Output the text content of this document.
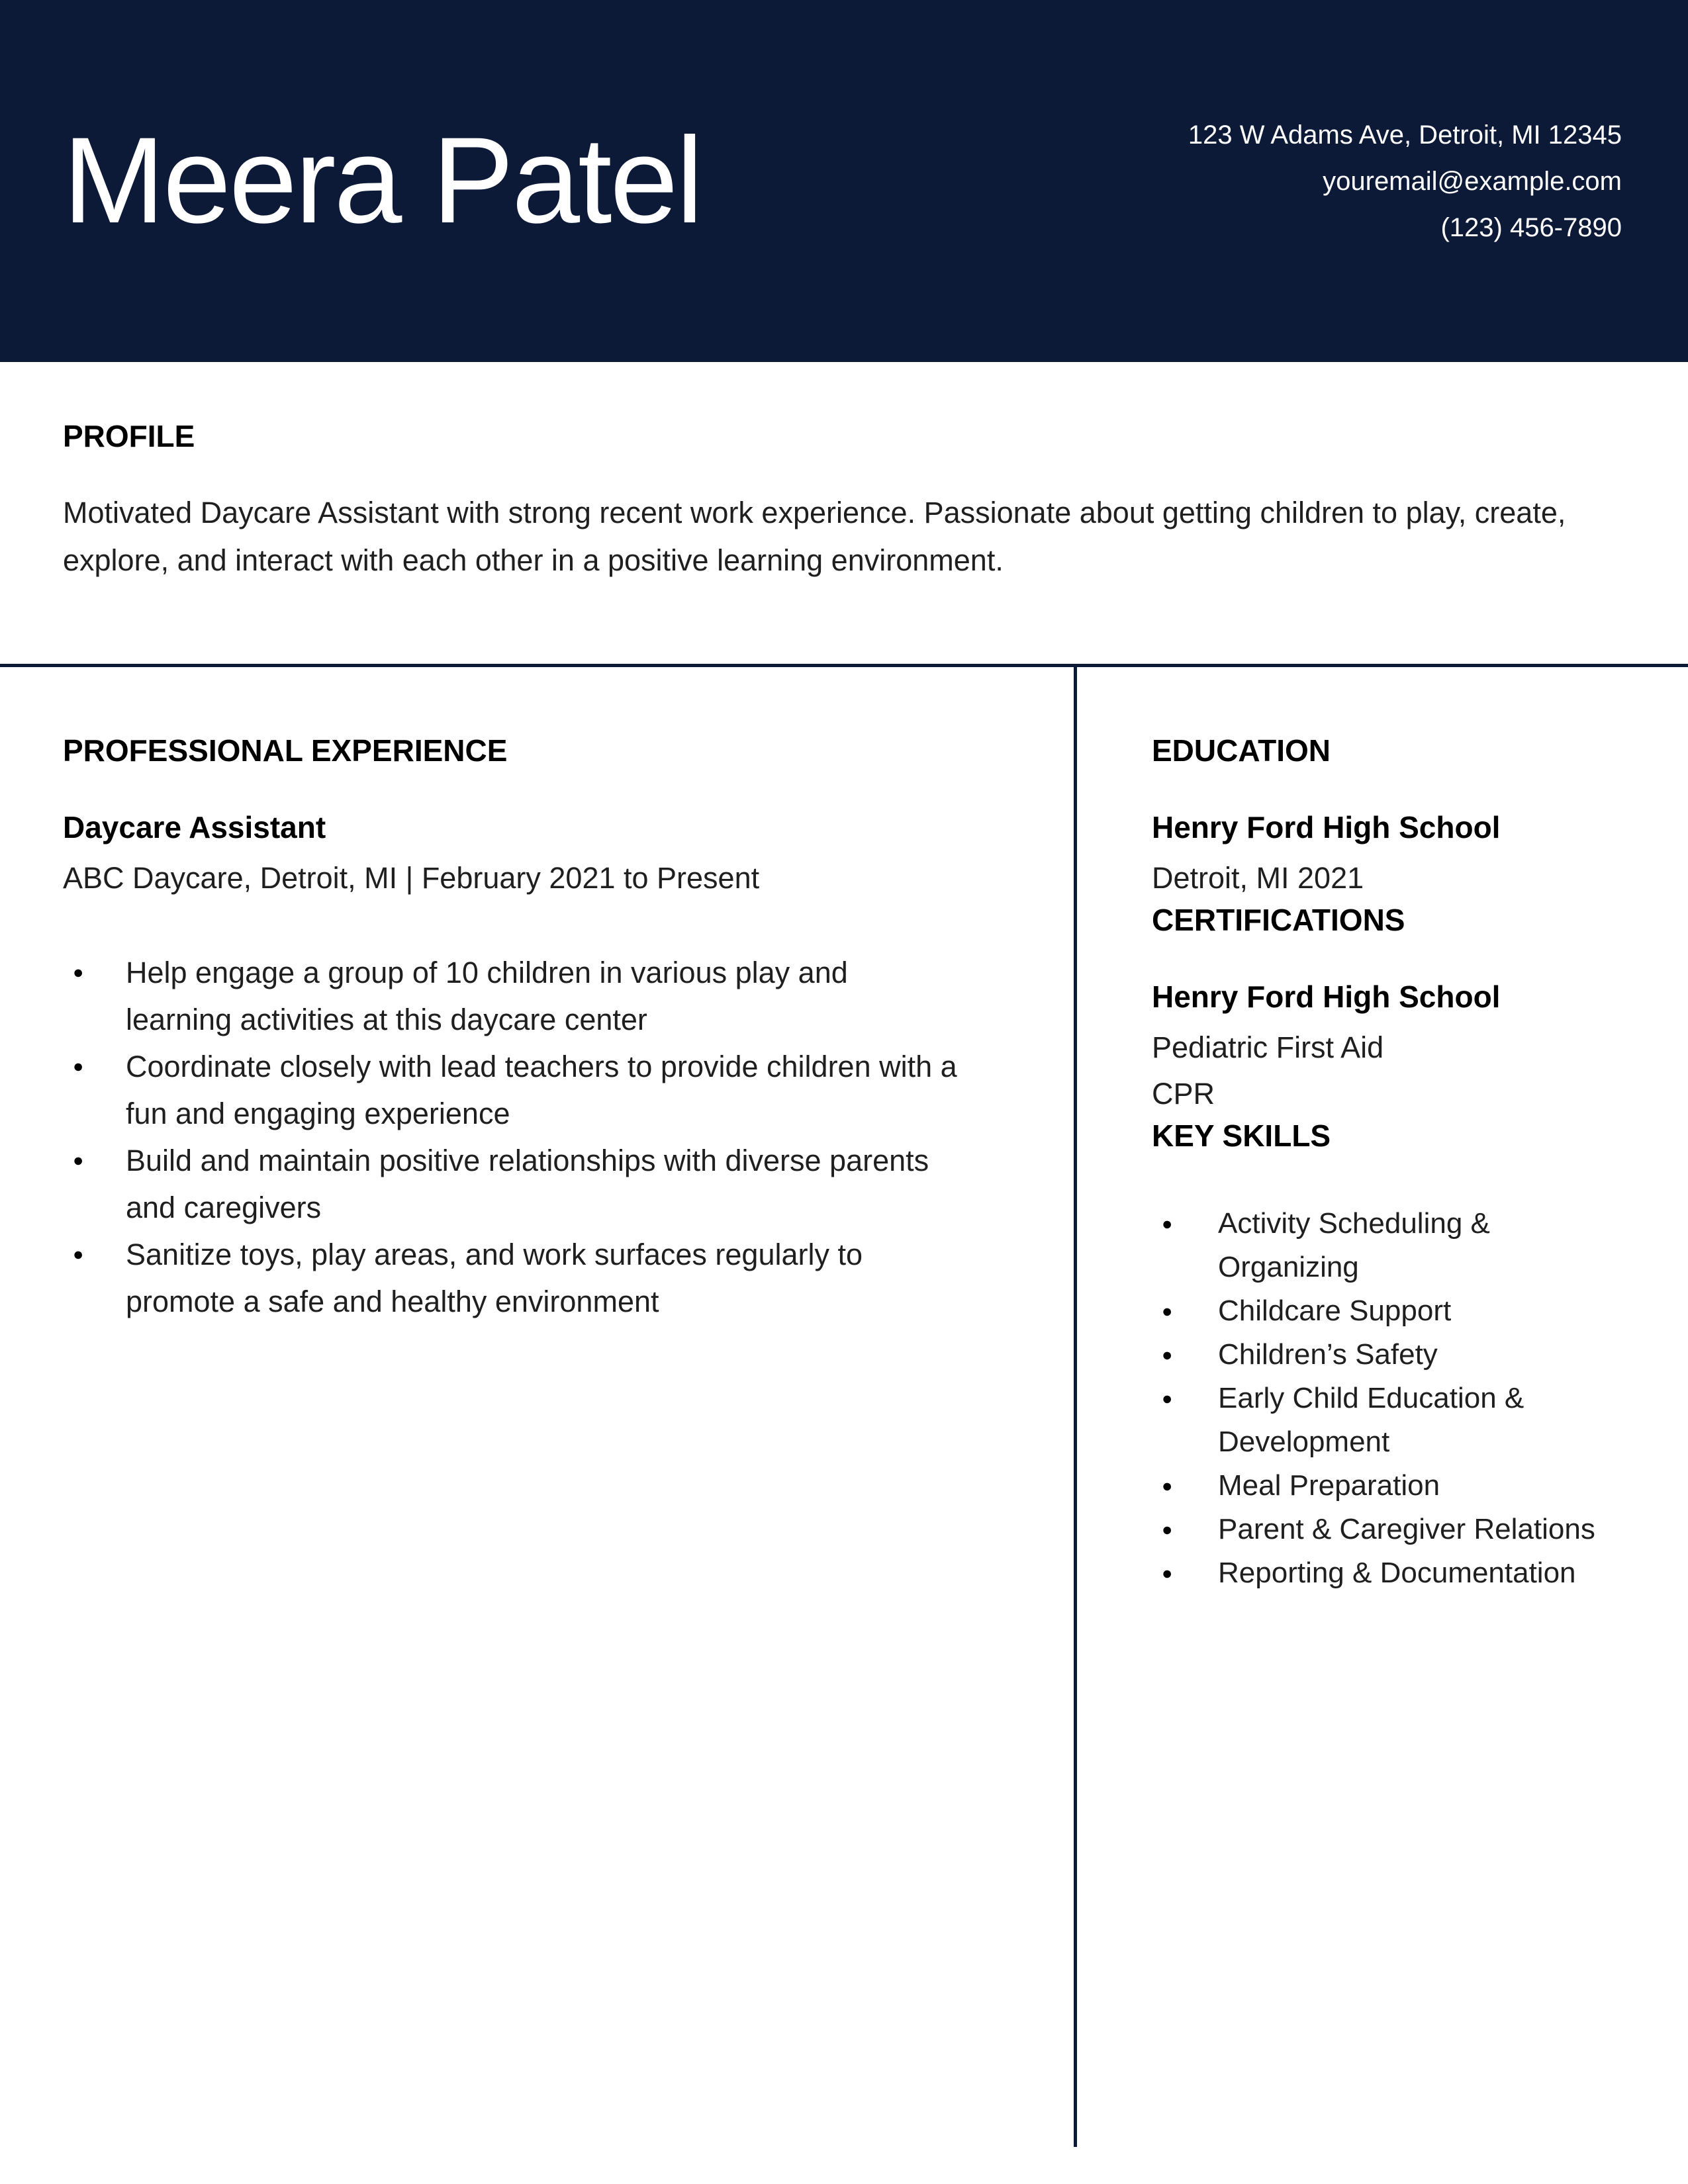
Meera Patel	123 W Adams Ave, Detroit, MI 12345
youremail@example.com
(123) 456-7890
PROFILE

Motivated Daycare Assistant with strong recent work experience. Passionate about getting children to play, create, explore, and interact with each other in a positive learning environment.

PROFESSIONAL EXPERIENCE
Daycare Assistant
ABC Daycare, Detroit, MI | February 2021 to Present
●	Help engage a group of 10 children in various play and learning activities at this daycare center
●	Coordinate closely with lead teachers to provide children with a fun and engaging experience
●	Build and maintain positive relationships with diverse parents and caregivers
●	Sanitize toys, play areas, and work surfaces regularly to promote a safe and healthy environment
EDUCATION
Henry Ford High School
Detroit, MI 2021
CERTIFICATIONS
Henry Ford High School
Pediatric First Aid
CPR
KEY SKILLS
●	Activity Scheduling & Organizing
●	Childcare Support
●	Children’s Safety
●	Early Child Education & Development
●	Meal Preparation
●	Parent & Caregiver Relations
●	Reporting & Documentation
